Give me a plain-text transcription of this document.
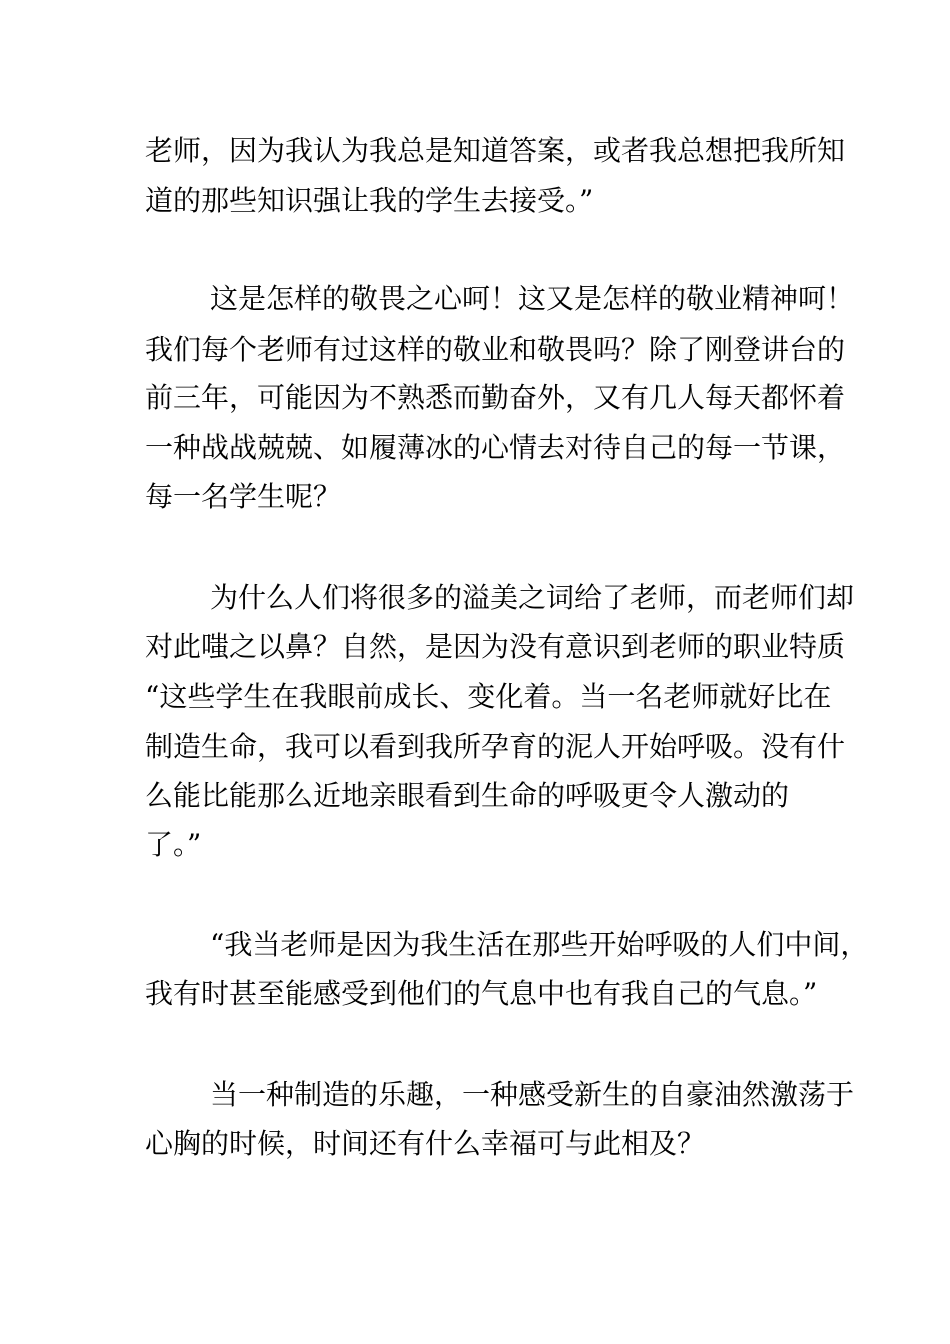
老师，因为我认为我总是知道答案，或者我总想把我所知
道的那些知识强让我的学生去接受。”
这是怎样的敬畏之心呵！这又是怎样的敬业精神呵！
我们每个老师有过这样的敬业和敬畏吗？除了刚登讲台的
前三年，可能因为不熟悉而勤奋外，又有几人每天都怀着
一种战战兢兢、如履薄冰的心情去对待自己的每一节课，
每一名学生呢？
为什么人们将很多的溢美之词给了老师，而老师们却
对此嗤之以鼻？自然，是因为没有意识到老师的职业特质
“这些学生在我眼前成长、变化着。当一名老师就好比在
制造生命，我可以看到我所孕育的泥人开始呼吸。没有什
么能比能那么近地亲眼看到生命的呼吸更令人激动的
了。”
“我当老师是因为我生活在那些开始呼吸的人们中间，
我有时甚至能感受到他们的气息中也有我自己的气息。”
当一种制造的乐趣，一种感受新生的自豪油然激荡于
心胸的时候，时间还有什么幸福可与此相及？
